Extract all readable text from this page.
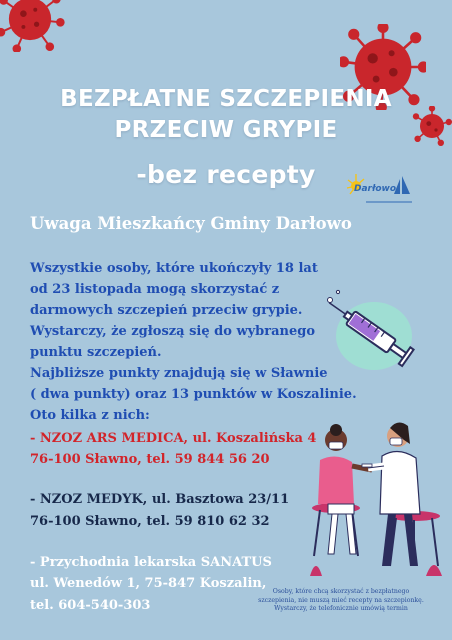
BEZPŁATNE SZCZEPIENIA
PRZECIW GRYPIE
-bez recepty	Darłowo
Uwaga Mieszkańcy Gminy Darłowo
Wszystkie osoby, które ukończyły 18 lat
od 23 listopada mogą skorzystać z
darmowych szczepień przeciw grypie.
Wystarczy, że zgłoszą się do wybranego
punktu szczepień.
Najbliższe punkty znajdują się w Sławnie
( dwa punkty) oraz 13 punktów w Koszalinie.
Oto kilka z nich:
- NZOZ ARS MEDICA, ul. Koszalińska 4
76-100 Sławno, tel. 59 844 56 20
- NZOZ MEDYK, ul. Basztowa 23/11
76-100 Sławno, tel. 59 810 62 32
- Przychodnia lekarska SANATUS
ul. Wenedów 1, 75-847 Koszalin,
tel. 604-540-303
Osoby, które chcą skorzystać z bezpłatnego
szczepienia, nie muszą mieć recepty na szczepionkę.
Wystarczy, że telefonicznie umówią termin
